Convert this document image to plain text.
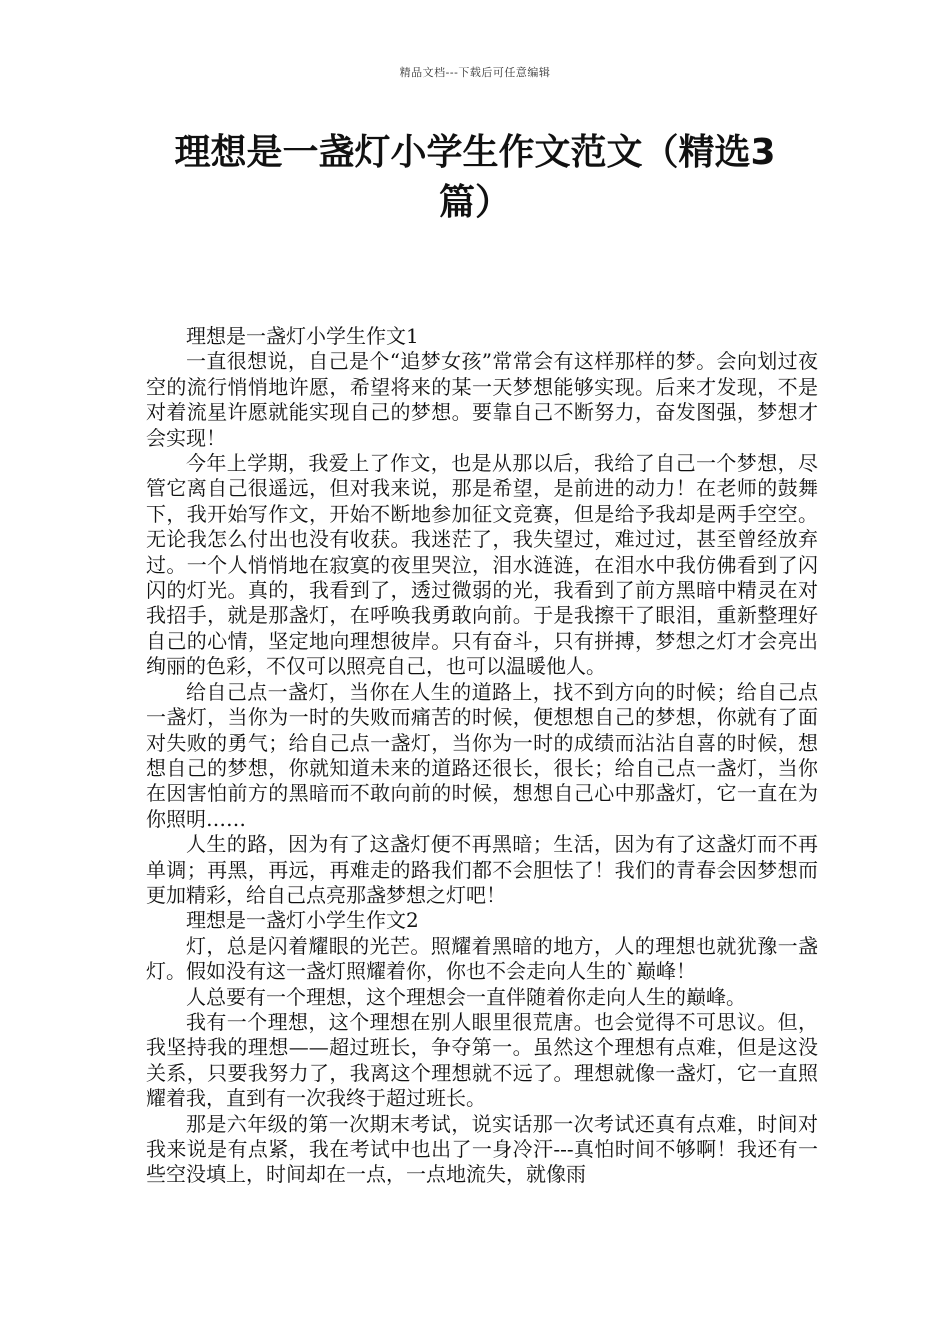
精品文档---下载后可任意编辑
理想是一盏灯小学生作文范文（精选3篇）

理想是一盏灯小学生作文1

一直很想说，自己是个“追梦女孩”常常会有这样那样的梦。会向划过夜空的流行悄悄地许愿，希望将来的某一天梦想能够实现。后来才发现，不是对着流星许愿就能实现自己的梦想。要靠自己不断努力，奋发图强，梦想才会实现！

今年上学期，我爱上了作文，也是从那以后，我给了自己一个梦想，尽管它离自己很遥远，但对我来说，那是希望，是前进的动力！在老师的鼓舞下，我开始写作文，开始不断地参加征文竞赛，但是给予我却是两手空空。无论我怎么付出也没有收获。我迷茫了，我失望过，难过过，甚至曾经放弃过。一个人悄悄地在寂寞的夜里哭泣，泪水涟涟，在泪水中我仿佛看到了闪闪的灯光。真的，我看到了，透过微弱的光，我看到了前方黑暗中精灵在对我招手，就是那盏灯，在呼唤我勇敢向前。于是我擦干了眼泪，重新整理好自己的心情，坚定地向理想彼岸。只有奋斗，只有拼搏，梦想之灯才会亮出绚丽的色彩，不仅可以照亮自己，也可以温暖他人。

给自己点一盏灯，当你在人生的道路上，找不到方向的时候；给自己点一盏灯，当你为一时的失败而痛苦的时候，便想想自己的梦想，你就有了面对失败的勇气；给自己点一盏灯，当你为一时的成绩而沾沾自喜的时候，想想自己的梦想，你就知道未来的道路还很长，很长；给自己点一盏灯，当你在因害怕前方的黑暗而不敢向前的时候，想想自己心中那盏灯，它一直在为你照明……

人生的路，因为有了这盏灯便不再黑暗；生活，因为有了这盏灯而不再单调；再黑，再远，再难走的路我们都不会胆怯了！我们的青春会因梦想而更加精彩，给自己点亮那盏梦想之灯吧！

理想是一盏灯小学生作文2

灯，总是闪着耀眼的光芒。照耀着黑暗的地方，人的理想也就犹豫一盏灯。假如没有这一盏灯照耀着你，你也不会走向人生的`巅峰！

人总要有一个理想，这个理想会一直伴随着你走向人生的巅峰。

我有一个理想，这个理想在别人眼里很荒唐。也会觉得不可思议。但，我坚持我的理想——超过班长，争夺第一。虽然这个理想有点难，但是这没关系，只要我努力了，我离这个理想就不远了。理想就像一盏灯，它一直照耀着我，直到有一次我终于超过班长。

那是六年级的第一次期末考试，说实话那一次考试还真有点难，时间对我来说是有点紧，我在考试中也出了一身冷汗---真怕时间不够啊！我还有一些空没填上，时间却在一点，一点地流失，就像雨
